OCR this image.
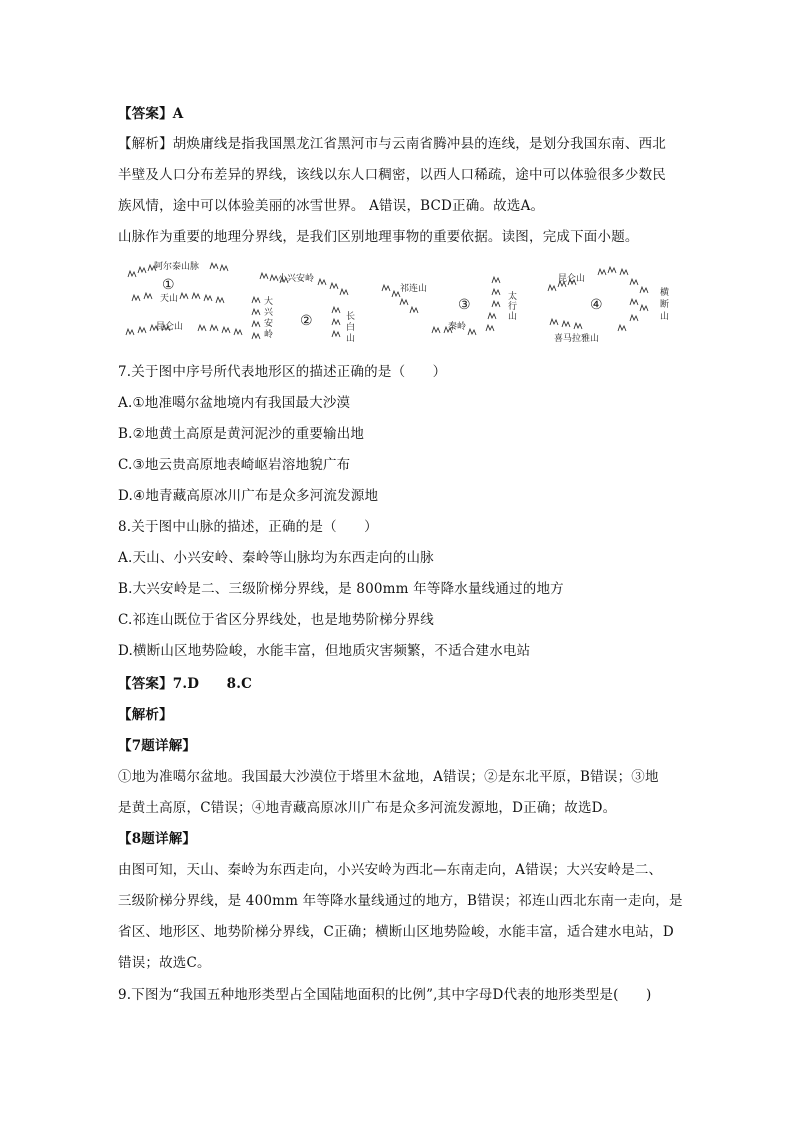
【答案】A
【解析】胡焕庸线是指我国黑龙江省黑河市与云南省腾冲县的连线，是划分我国东南、西北
半壁及人口分布差异的界线，该线以东人口稠密，以西人口稀疏，途中可以体验很多少数民
族风情，途中可以体验美丽的冰雪世界。 A错误，BCD正确。故选A。
山脉作为重要的地理分界线，是我们区别地理事物的重要依据。读图，完成下面小题。
阿尔泰山脉
①
天山
昆仑山
小兴安岭
大
兴
安
岭
②	长
白
山
祁连山
③
秦岭
太
行
山
昆仑山
④
喜马拉雅山
横
断
山
7.关于图中序号所代表地形区的描述正确的是（　　）
A.①地准噶尔盆地境内有我国最大沙漠
B.②地黄土高原是黄河泥沙的重要输出地
C.③地云贵高原地表崎岖岩溶地貌广布
D.④地青藏高原冰川广布是众多河流发源地
8.关于图中山脉的描述，正确的是（　　）
A.天山、小兴安岭、秦岭等山脉均为东西走向的山脉
B.大兴安岭是二、三级阶梯分界线，是 800mm 年等降水量线通过的地方
C.祁连山既位于省区分界线处，也是地势阶梯分界线
D.横断山区地势险峻，水能丰富，但地质灾害频繁，不适合建水电站
【答案】7.D　　8.C
【解析】
【7题详解】
①地为准噶尔盆地。我国最大沙漠位于塔里木盆地，A错误；②是东北平原，B错误；③地
是黄土高原，C错误；④地青藏高原冰川广布是众多河流发源地，D正确；故选D。
【8题详解】
由图可知，天山、秦岭为东西走向，小兴安岭为西北—东南走向，A错误；大兴安岭是二、
三级阶梯分界线，是 400mm 年等降水量线通过的地方，B错误；祁连山西北东南一走向，是
省区、地形区、地势阶梯分界线，C正确；横断山区地势险峻，水能丰富，适合建水电站，D
错误；故选C。
9.下图为“我国五种地形类型占全国陆地面积的比例”,其中字母D代表的地形类型是(　　)
